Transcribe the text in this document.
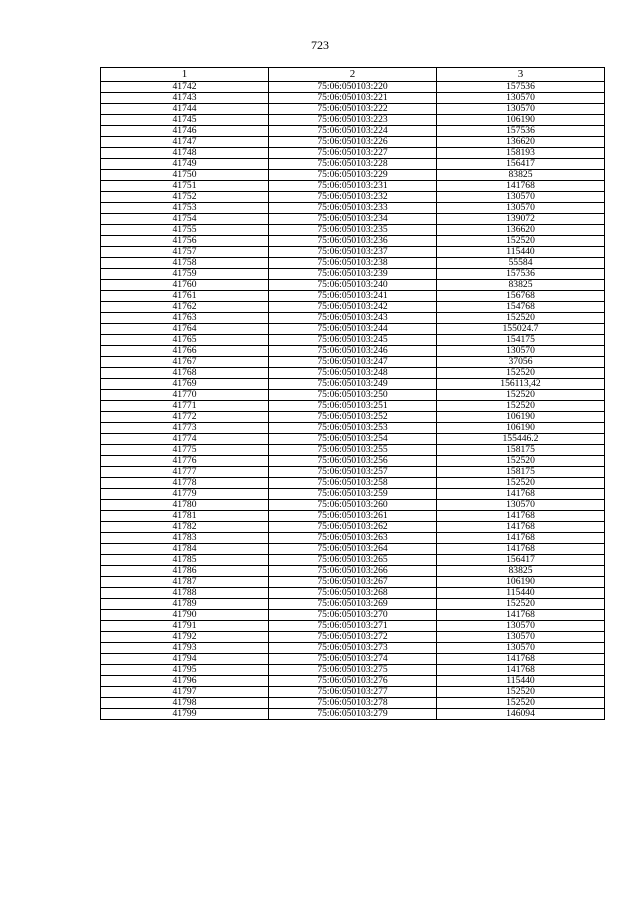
723
1	2	3
41742	75:06:050103:220	157536
41743	75:06:050103:221	130570
41744	75:06:050103:222	130570
41745	75:06:050103:223	106190
41746	75:06:050103:224	157536
41747	75:06:050103:226	136620
41748	75:06:050103:227	158193
41749	75:06:050103:228	156417
41750	75:06:050103:229	83825
41751	75:06:050103:231	141768
41752	75:06:050103:232	130570
41753	75:06:050103:233	130570
41754	75:06:050103:234	139072
41755	75:06:050103:235	136620
41756	75:06:050103:236	152520
41757	75:06:050103:237	115440
41758	75:06:050103:238	55584
41759	75:06:050103:239	157536
41760	75:06:050103:240	83825
41761	75:06:050103:241	156768
41762	75:06:050103:242	154768
41763	75:06:050103:243	152520
41764	75:06:050103:244	155024.7
41765	75:06:050103:245	154175
41766	75:06:050103:246	130570
41767	75:06:050103:247	37056
41768	75:06:050103:248	152520
41769	75:06:050103:249	156113,42
41770	75:06:050103:250	152520
41771	75:06:050103:251	152520
41772	75:06:050103:252	106190
41773	75:06:050103:253	106190
41774	75:06:050103:254	155446.2
41775	75:06:050103:255	158175
41776	75:06:050103:256	152520
41777	75:06:050103:257	158175
41778	75:06:050103:258	152520
41779	75:06:050103:259	141768
41780	75:06:050103:260	130570
41781	75:06:050103:261	141768
41782	75:06:050103:262	141768
41783	75:06:050103:263	141768
41784	75:06:050103:264	141768
41785	75:06:050103:265	156417
41786	75:06:050103:266	83825
41787	75:06:050103:267	106190
41788	75:06:050103:268	115440
41789	75:06:050103:269	152520
41790	75:06:050103:270	141768
41791	75:06:050103:271	130570
41792	75:06:050103:272	130570
41793	75:06:050103:273	130570
41794	75:06:050103:274	141768
41795	75:06:050103:275	141768
41796	75:06:050103:276	115440
41797	75:06:050103:277	152520
41798	75:06:050103:278	152520
41799	75:06:050103:279	146094
